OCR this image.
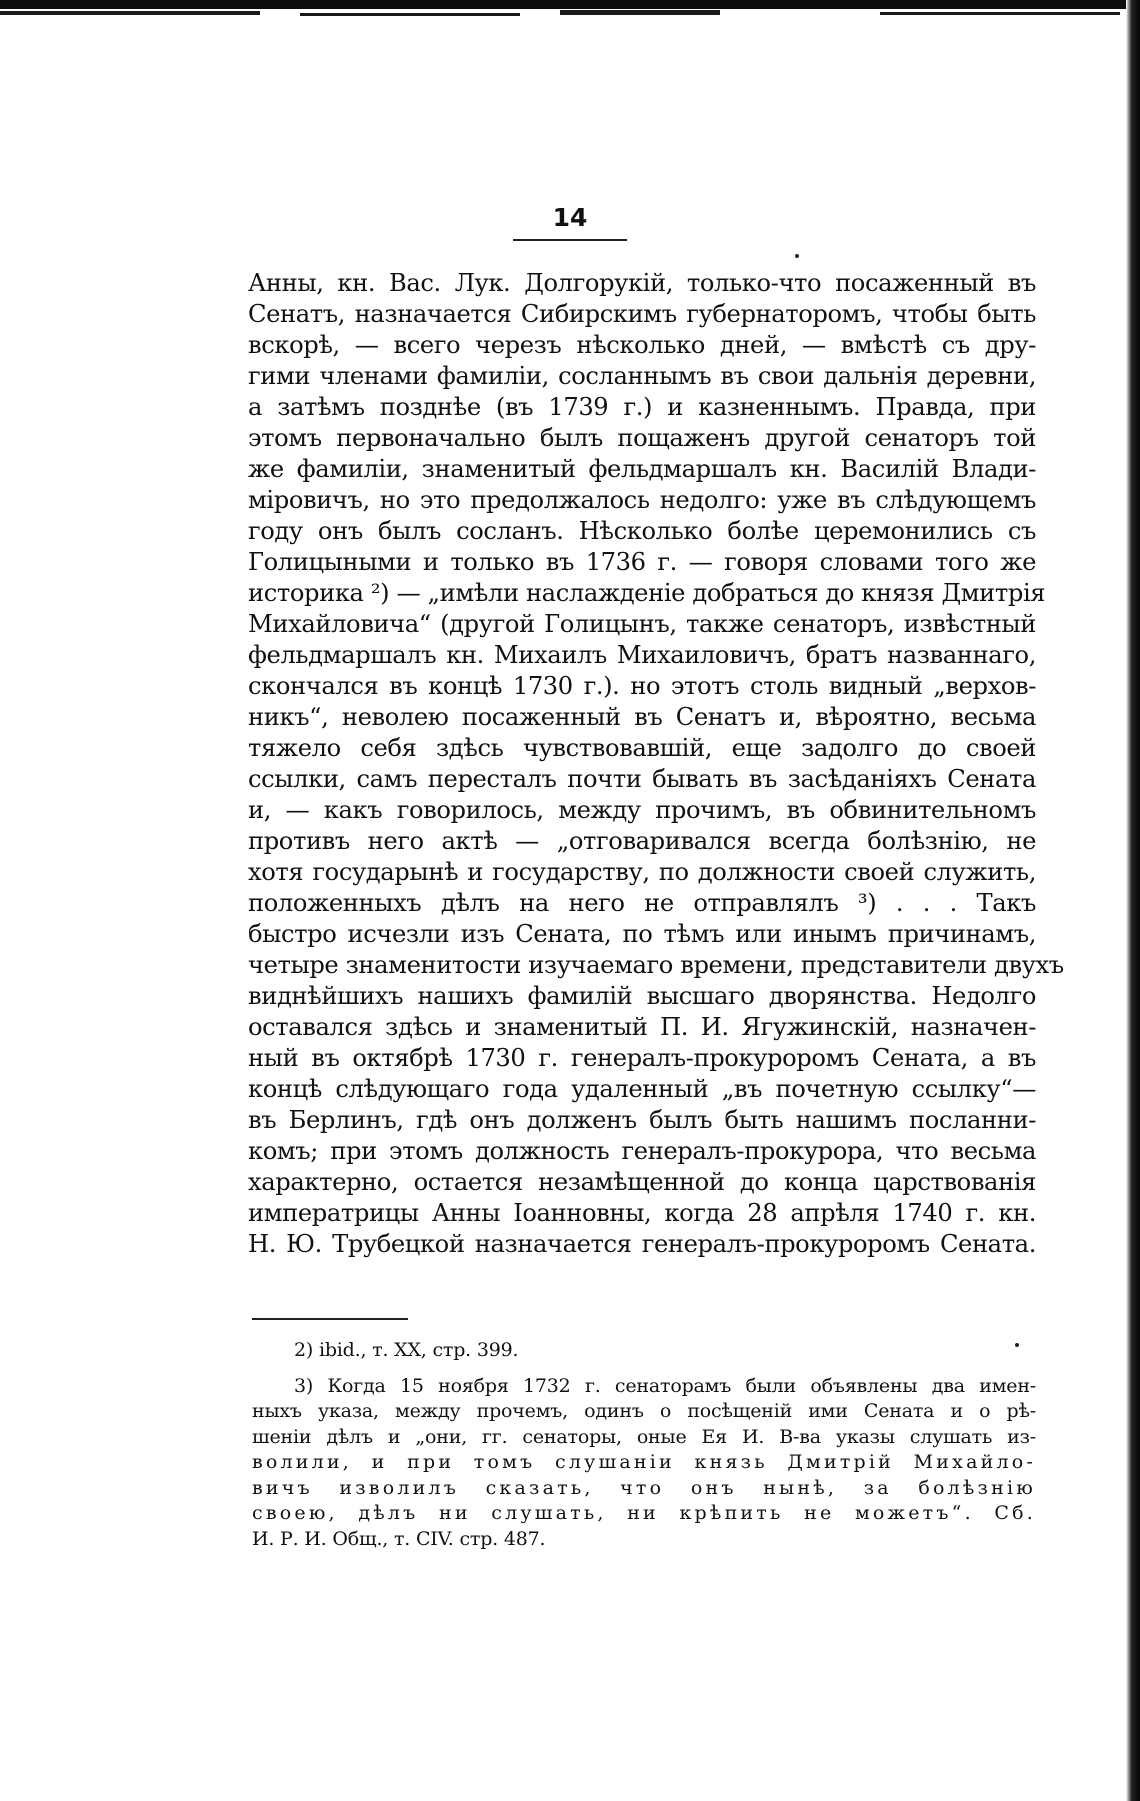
14
Анны, кн. Вас. Лук. Долгорукій, только-что посаженный въ
Сенатъ, назначается Сибирскимъ губернаторомъ, чтобы быть
вскорѣ, — всего черезъ нѣсколько дней, — вмѣстѣ съ дру-
гими членами фамиліи, сосланнымъ въ свои дальнія деревни,
а затѣмъ позднѣе (въ 1739 г.) и казненнымъ. Правда, при
этомъ первоначально былъ пощаженъ другой сенаторъ той
же фамиліи, знаменитый фельдмаршалъ кн. Василій Влади-
міровичъ, но это предолжалось недолго: уже въ слѣдующемъ
году онъ былъ сосланъ. Нѣсколько болѣе церемонились съ
Голицыными и только въ 1736 г. — говоря словами того же
историка ²) — „имѣли наслажденіе добраться до князя Дмитрія
Михайловича“ (другой Голицынъ, также сенаторъ, извѣстный
фельдмаршалъ кн. Михаилъ Михаиловичъ, братъ названнаго,
скончался въ концѣ 1730 г.). но этотъ столь видный „верхов-
никъ“, неволею посаженный въ Сенатъ и, вѣроятно, весьма
тяжело себя здѣсь чувствовавшій, еще задолго до своей
ссылки, самъ пересталъ почти бывать въ засѣданіяхъ Сената
и, — какъ говорилось, между прочимъ, въ обвинительномъ
противъ него актѣ — „отговаривался всегда болѣзнію, не
хотя государынѣ и государству, по должности своей служить,
положенныхъ дѣлъ на него не отправлялъ ³) . . . Такъ
быстро исчезли изъ Сената, по тѣмъ или инымъ причинамъ,
четыре знаменитости изучаемаго времени, представители двухъ
виднѣйшихъ нашихъ фамилій высшаго дворянства. Недолго
оставался здѣсь и знаменитый П. И. Ягужинскій, назначен-
ный въ октябрѣ 1730 г. генералъ-прокуроромъ Сената, а въ
концѣ слѣдующаго года удаленный „въ почетную ссылку“—
въ Берлинъ, гдѣ онъ долженъ былъ быть нашимъ посланни-
комъ; при этомъ должность генералъ-прокурора, что весьма
характерно, остается незамѣщенной до конца царствованія
императрицы Анны Іоанновны, когда 28 апрѣля 1740 г. кн.
Н. Ю. Трубецкой назначается генералъ-прокуроромъ Сената.
2) ibid., т. XX, стр. 399.
3) Когда 15 ноября 1732 г. сенаторамъ были объявлены два имен-
ныхъ указа, между прочемъ, одинъ о посѣщеній ими Сената и о рѣ-
шеніи дѣлъ и „они, гг. сенаторы, оные Ея И. В-ва указы слушать из-
волили, и при томъ слушаніи князь Дмитрій Михайло-
вичъ изволилъ сказать, что онъ нынѣ, за болѣзнію
своею, дѣлъ ни слушать, ни крѣпить не можетъ“. Сб.
И. Р. И. Общ., т. CIV. стр. 487.
